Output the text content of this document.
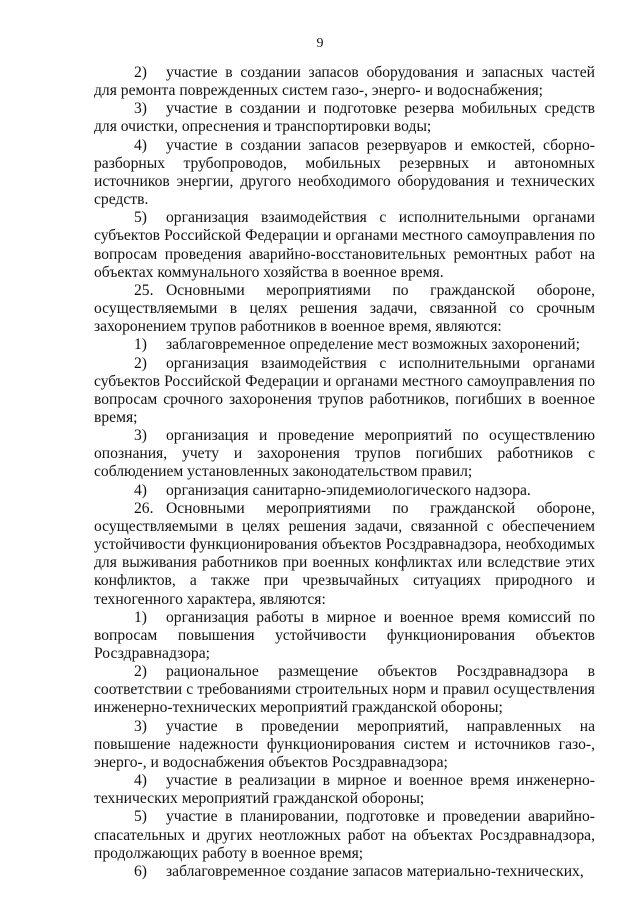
9

2) участие в создании запасов оборудования и запасных частей для ремонта поврежденных систем газо-, энерго- и водоснабжения;

3) участие в создании и подготовке резерва мобильных средств для очистки, опреснения и транспортировки воды;

4) участие в создании запасов резервуаров и емкостей, сборно-разборных трубопроводов, мобильных резервных и автономных источников энергии, другого необходимого оборудования и технических средств.

5) организация взаимодействия с исполнительными органами субъектов Российской Федерации и органами местного самоуправления по вопросам проведения аварийно-восстановительных ремонтных работ на объектах коммунального хозяйства в военное время.

25. Основными мероприятиями по гражданской обороне, осуществляемыми в целях решения задачи, связанной со срочным захоронением трупов работников в военное время, являются:

1) заблаговременное определение мест возможных захоронений;

2) организация взаимодействия с исполнительными органами субъектов Российской Федерации и органами местного самоуправления по вопросам срочного захоронения трупов работников, погибших в военное время;

3) организация и проведение мероприятий по осуществлению опознания, учету и захоронения трупов погибших работников с соблюдением установленных законодательством правил;

4) организация санитарно-эпидемиологического надзора.

26. Основными мероприятиями по гражданской обороне, осуществляемыми в целях решения задачи, связанной с обеспечением устойчивости функционирования объектов Росздравнадзора, необходимых для выживания работников при военных конфликтах или вследствие этих конфликтов, а также при чрезвычайных ситуациях природного и техногенного характера, являются:

1) организация работы в мирное и военное время комиссий по вопросам повышения устойчивости функционирования объектов Росздравнадзора;

2) рациональное размещение объектов Росздравнадзора в соответствии с требованиями строительных норм и правил осуществления инженерно-технических мероприятий гражданской обороны;

3) участие в проведении мероприятий, направленных на повышение надежности функционирования систем и источников газо-, энерго-, и водоснабжения объектов Росздравнадзора;

4) участие в реализации в мирное и военное время инженерно-технических мероприятий гражданской обороны;

5) участие в планировании, подготовке и проведении аварийно-спасательных и других неотложных работ на объектах Росздравнадзора, продолжающих работу в военное время;

6) заблаговременное создание запасов материально-технических,
